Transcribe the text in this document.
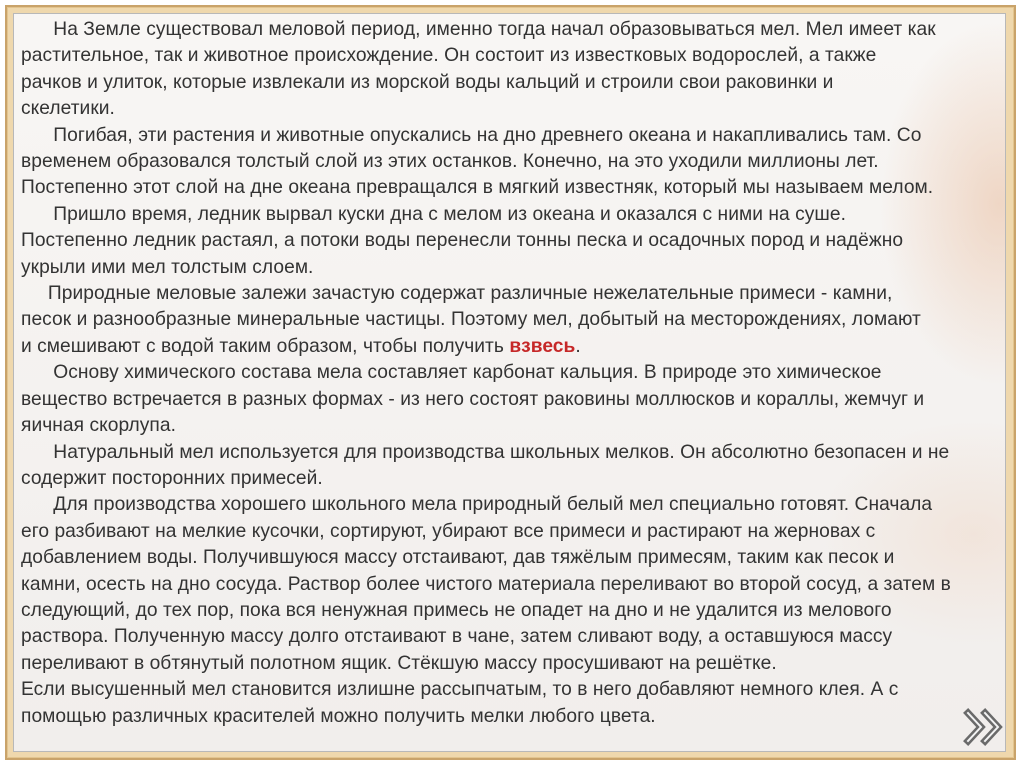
На Земле существовал меловой период, именно тогда начал образовываться мел. Мел имеет как
растительное, так и животное происхождение. Он состоит из известковых водорослей, а также
рачков и улиток, которые извлекали из морской воды кальций и строили свои раковинки и
скелетики.

Погибая, эти растения и животные опускались на дно древнего океана и накапливались там. Со
временем образовался толстый слой из этих останков. Конечно, на это уходили миллионы лет.
Постепенно этот слой на дне океана превращался в мягкий известняк, который мы называем мелом.

Пришло время, ледник вырвал куски дна с мелом из океана и оказался с ними на суше.
Постепенно ледник растаял, а потоки воды перенесли тонны песка и осадочных пород и надёжно
укрыли ими мел толстым слоем.

Природные меловые залежи зачастую содержат различные нежелательные примеси - камни,
песок и разнообразные минеральные частицы. Поэтому мел, добытый на месторождениях, ломают
и смешивают с водой таким образом, чтобы получить взвесь.

Основу химического состава мела составляет карбонат кальция. В природе это химическое
вещество встречается в разных формах - из него состоят раковины моллюсков и кораллы, жемчуг и
яичная скорлупа.

Натуральный мел используется для производства школьных мелков. Он абсолютно безопасен и не
содержит посторонних примесей.

Для производства хорошего школьного мела природный белый мел специально готовят. Сначала
его разбивают на мелкие кусочки, сортируют, убирают все примеси и растирают на жерновах с
добавлением воды. Получившуюся массу отстаивают, дав тяжёлым примесям, таким как песок и
камни, осесть на дно сосуда. Раствор более чистого материала переливают во второй сосуд, а затем в
следующий, до тех пор, пока вся ненужная примесь не опадет на дно и не удалится из мелового
раствора. Полученную массу долго отстаивают в чане, затем сливают воду, а оставшуюся массу
переливают в обтянутый полотном ящик. Стёкшую массу просушивают на решётке.

Если высушенный мел становится излишне рассыпчатым, то в него добавляют немного клея. А с
помощью различных красителей можно получить мелки любого цвета.
